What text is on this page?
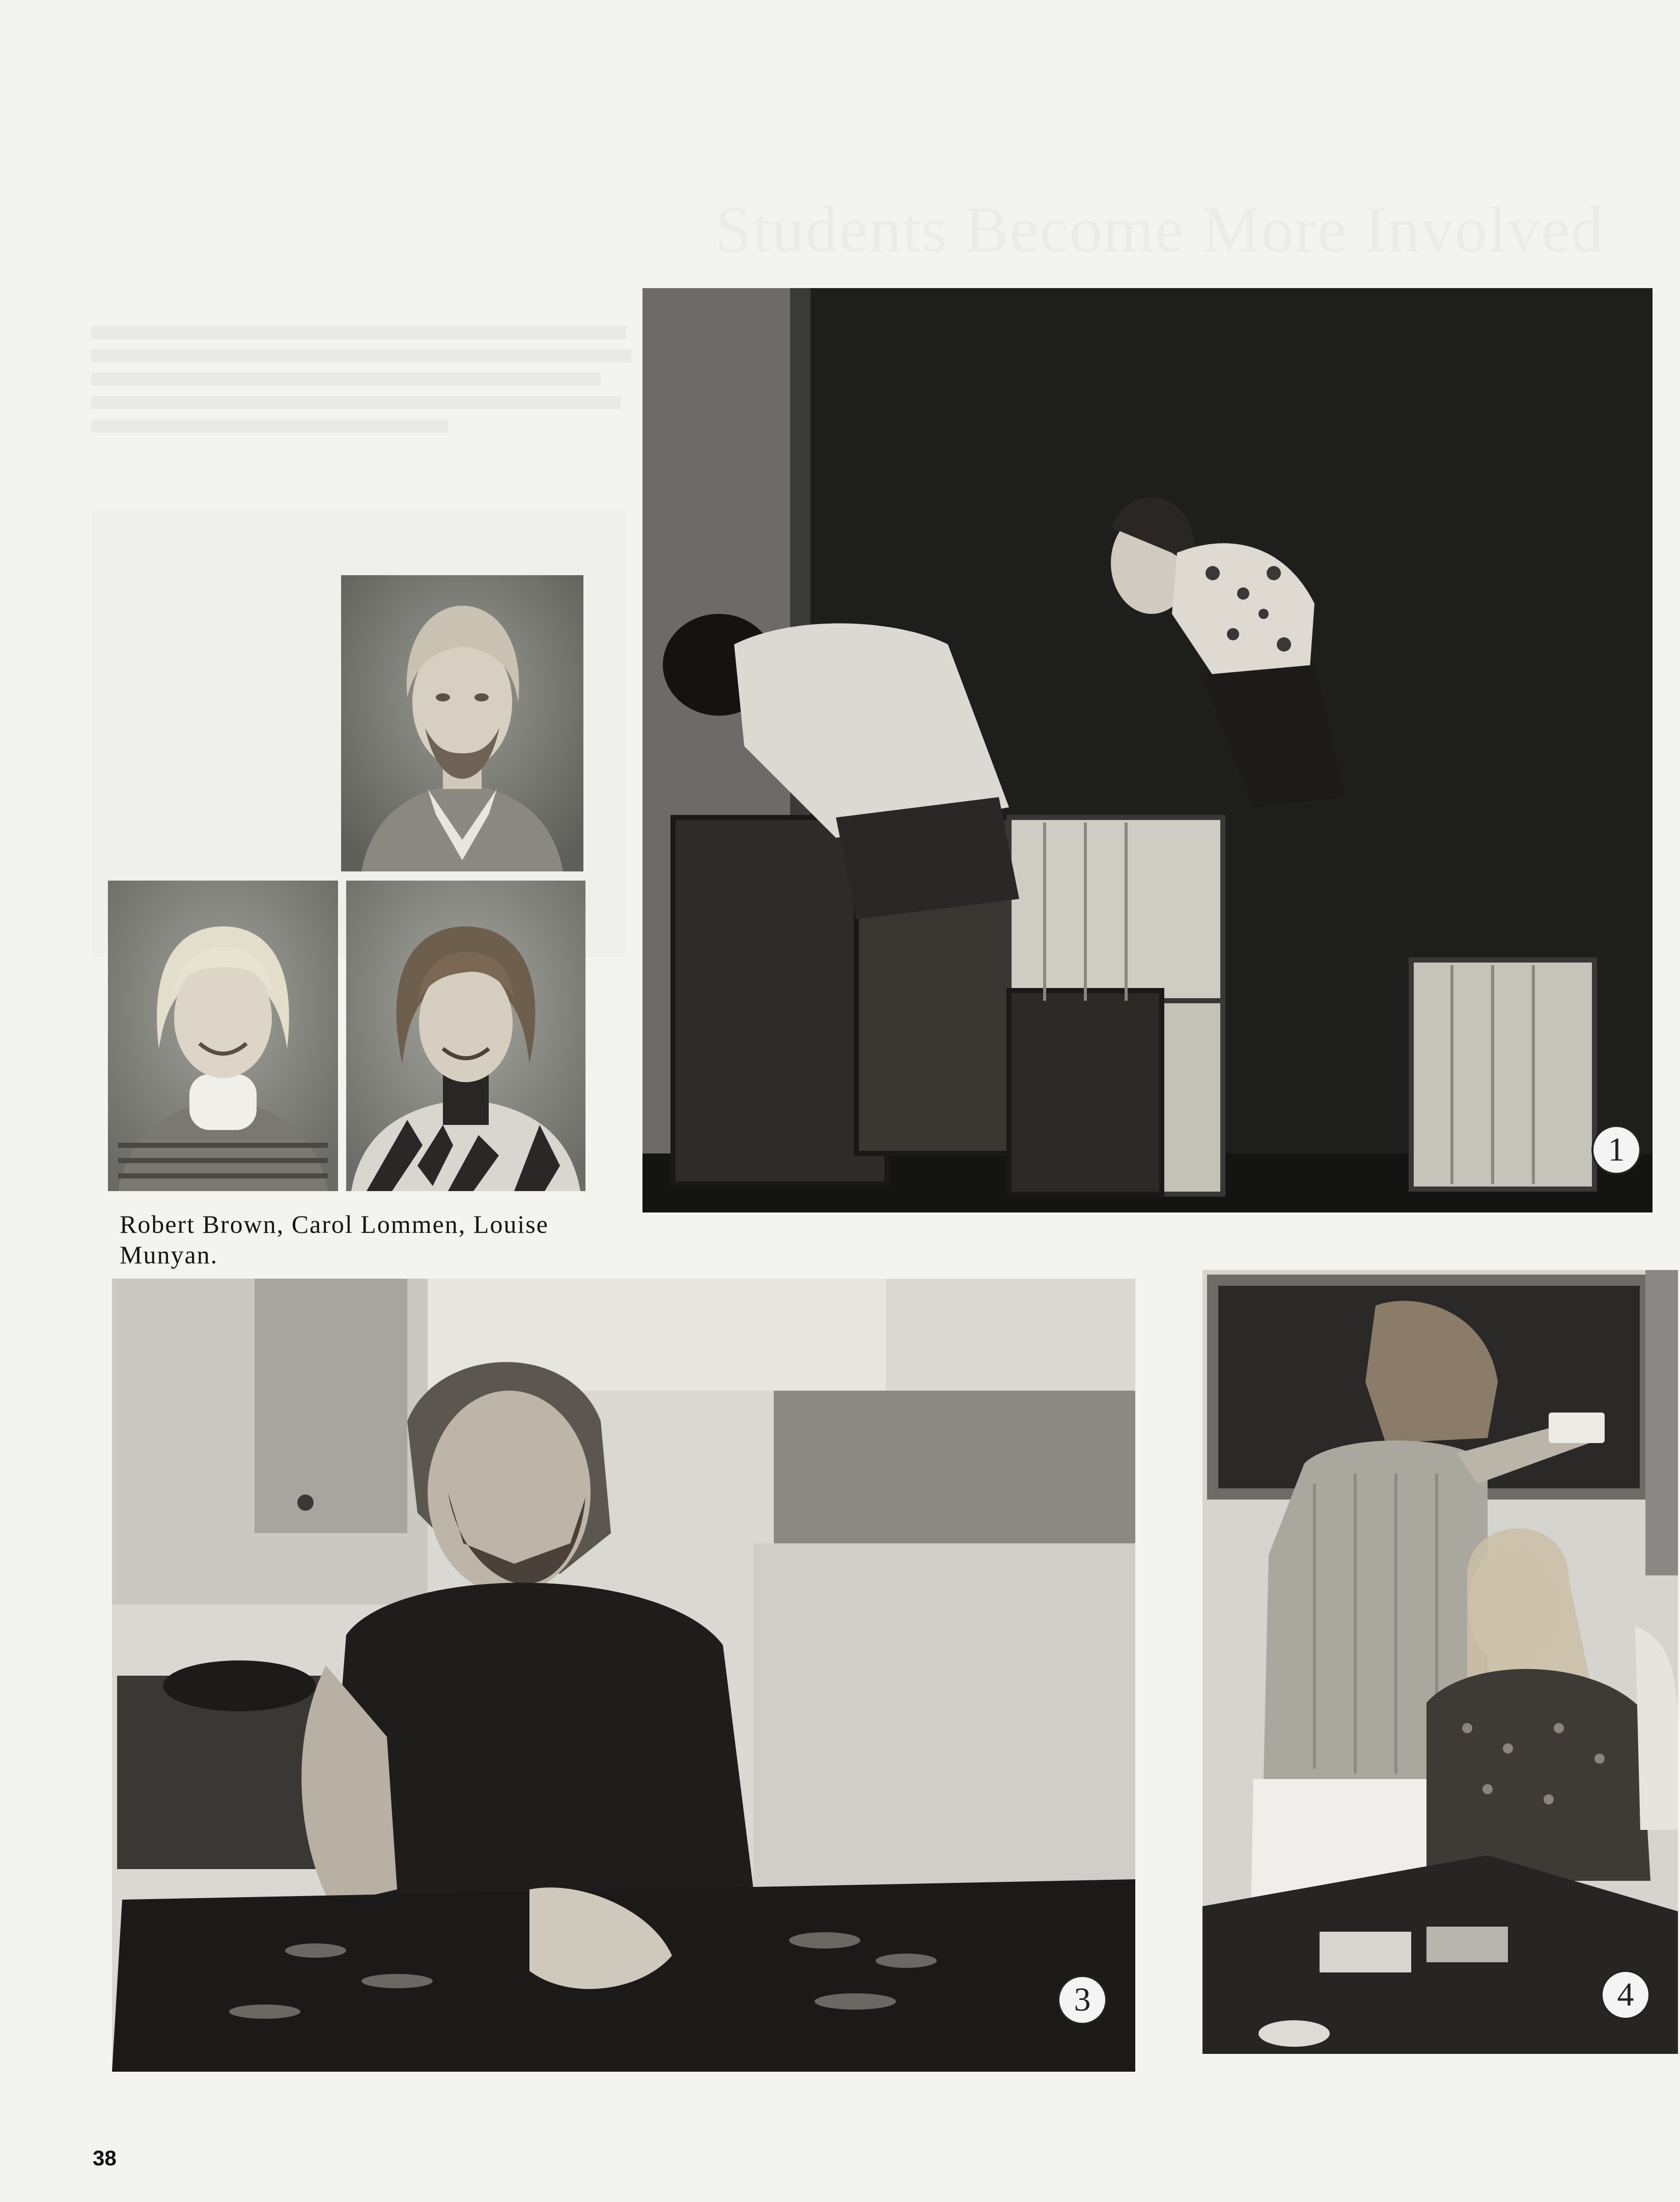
Students Become More Involved

Robert Brown, Carol Lommen, Louise Munyan.

1
3	4
38
